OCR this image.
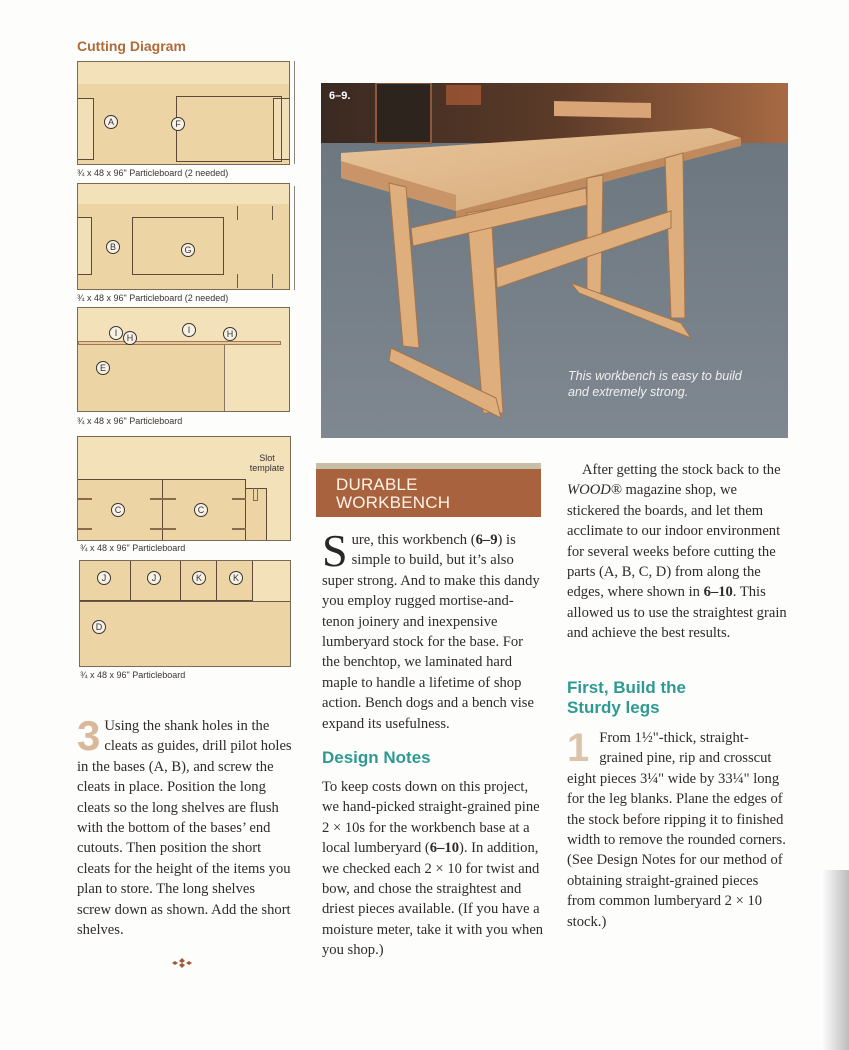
Cutting Diagram
A	F
¾ x 48 x 96" Particleboard (2 needed)
B	G
¾ x 48 x 96" Particleboard (2 needed)
I	H
I	H
E
¾ x 48 x 96" Particleboard
C	C
Slot template
¾ x 48 x 96" Particleboard
J	J	K	K
D
¾ x 48 x 96" Particleboard

3 Using the shank holes in the cleats as guides, drill pilot holes in the bases (A, B), and screw the cleats in place. Position the long cleats so the long shelves are flush with the bottom of the bases’ end cutouts. Then position the short cleats for the height of the items you plan to store. The long shelves screw down as shown. Add the short shelves.

6–9.
This workbench is easy to build
and extremely strong.
DURABLE
WORKBENCH

Sure, this workbench (6–9) is simple to build, but it’s also super strong. And to make this dandy you employ rugged mortise-and-tenon joinery and inexpensive lumberyard stock for the base. For the benchtop, we laminated hard maple to handle a lifetime of shop action. Bench dogs and a bench vise expand its usefulness.

Design Notes

To keep costs down on this project, we hand-picked straight-grained pine 2 × 10s for the workbench base at a local lumberyard (6–10). In addition, we checked each 2 × 10 for twist and bow, and chose the straightest and driest pieces available. (If you have a moisture meter, take it with you when you shop.)

After getting the stock back to the WOOD® magazine shop, we stickered the boards, and let them acclimate to our indoor environment for several weeks before cutting the parts (A, B, C, D) from along the edges, where shown in 6–10. This allowed us to use the straightest grain and achieve the best results.

First, Build the
Sturdy legs

1 From 1½"-thick, straight-grained pine, rip and crosscut eight pieces 3¼" wide by 33¼" long for the leg blanks. Plane the edges of the stock before ripping it to finished width to remove the rounded corners. (See Design Notes for our method of obtaining straight-grained pieces from common lumberyard 2 × 10 stock.)
